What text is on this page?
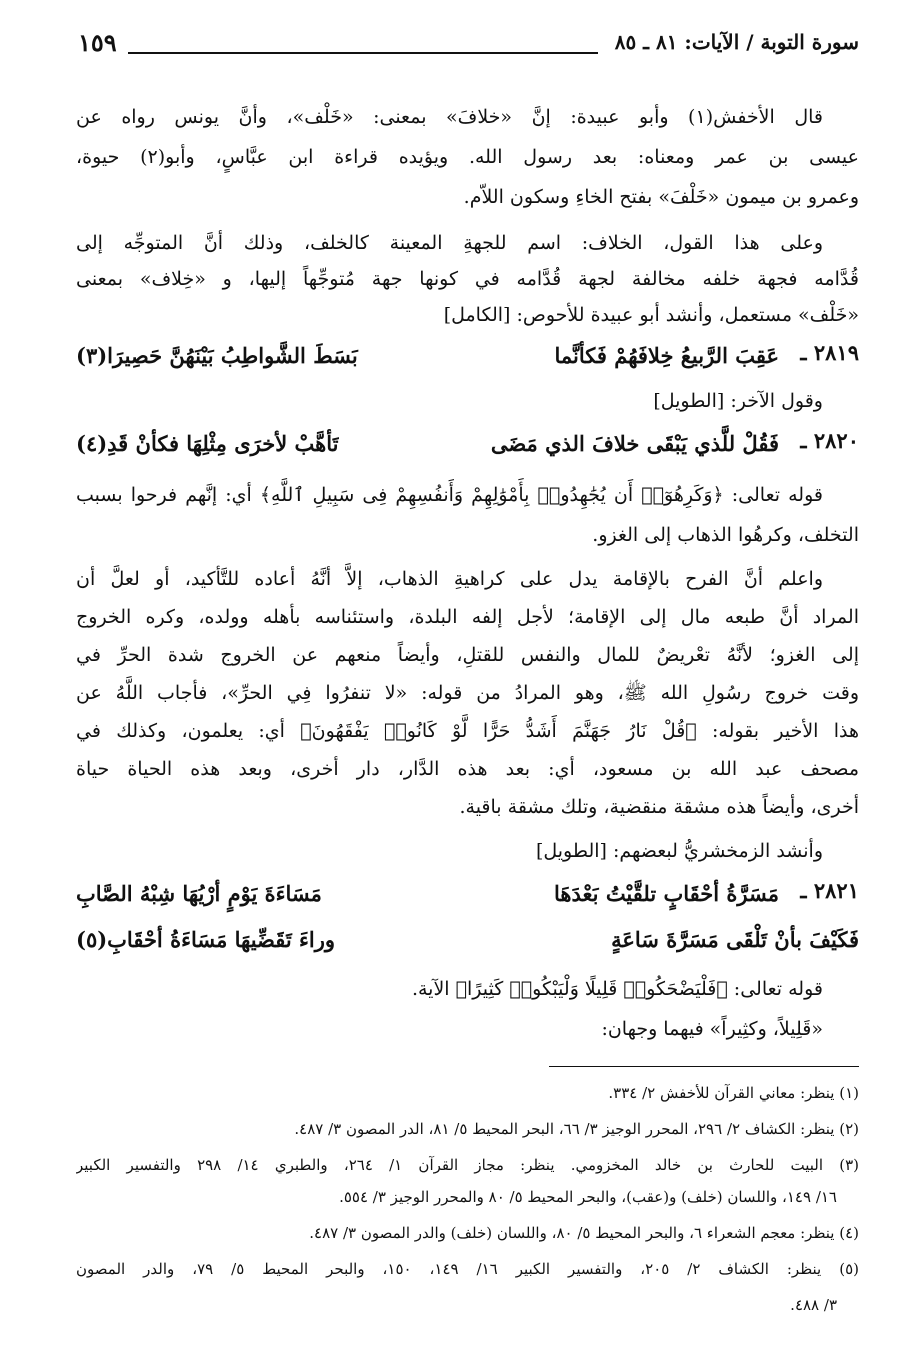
سورة التوبة / الآيات: ٨١ ـ ٨٥
١٥٩
قال الأخفش(١) وأبو عبيدة: إنَّ «خلافَ» بمعنى: «خَلْف»، وأنَّ يونس رواه عن
عيسى بن عمر ومعناه: بعد رسول الله. ويؤيده قراءة ابن عبَّاسٍ، وأبو(٢) حيوة،
وعمرو بن ميمون «خَلْفَ» بفتح الخاءِ وسكون اللاّم.
وعلى هذا القول، الخلاف: اسم للجهةِ المعينة كالخلف، وذلك أنَّ المتوجِّه إلى
قُدَّامه فجهة خلفه مخالفة لجهة قُدَّامه في كونها جهة مُتوجِّهاً إليها، و «خِلاف» بمعنى
«خَلْف» مستعمل، وأنشد أبو عبيدة للأحوص: [الكامل]
٢٨١٩ ـ
عَقِبَ الرَّبيعُ خِلافَهُمْ فَكأنَّما
بَسَطَ الشَّواطِبُ بَيْنَهُنَّ حَصِيرَا(٣)
وقول الآخر: [الطويل]
٢٨٢٠ ـ
فَقُلْ للَّذي يَبْقَى خلافَ الذي مَضَى
تَأهَّبْ لأخرَى مِثْلِهَا فكأنْ قَدِ(٤)
قوله تعالى: ﴿وَكَرِهُوٓا۟ أَن يُجَٰهِدُوا۟ بِأَمْوَٰلِهِمْ وَأَنفُسِهِمْ فِى سَبِيلِ ٱللَّهِ﴾ أي: إنَّهم فرحوا بسبب
التخلف، وكرهُوا الذهاب إلى الغزو.
واعلم أنَّ الفرح بالإقامة يدل على كراهيةِ الذهاب، إلاَّ أنَّهُ أعاده للتَّأكيد، أو لعلَّ أن
المراد أنَّ طبعه مال إلى الإقامة؛ لأجل إلفه البلدة، واستئناسه بأهله وولده، وكره الخروج
إلى الغزو؛ لأنَّهُ تعْريضٌ للمال والنفس للقتلِ، وأيضاً منعهم عن الخروج شدة الحرِّ في
وقت خروج رسُولِ الله ﷺ، وهو المرادُ من قوله: «لا تنفرُوا فِي الحرِّ»، فأجاب اللَّهُ عن
هذا الأخير بقوله: ﴿قُلْ نَارُ جَهَنَّمَ أَشَدُّ حَرًّا لَّوْ كَانُوا۟ يَفْقَهُونَ﴾ أي: يعلمون، وكذلك في
مصحف عبد الله بن مسعود، أي: بعد هذه الدَّار، دار أخرى، وبعد هذه الحياة حياة
أخرى، وأيضاً هذه مشقة منقضية، وتلك مشقة باقية.
وأنشد الزمخشريُّ لبعضهم: [الطويل]
٢٨٢١ ـ
مَسَرَّةُ أحْقَابٍ تلقَّيْتُ بَعْدَهَا
مَسَاءَةَ يَوْمٍ أرْيُهَا شِبْهُ الصَّابِ
فَكَيْفَ بأنْ تَلْقَى مَسَرَّةَ سَاعَةٍ
وراءَ تَقَضِّيهَا مَسَاءَةُ أحْقَابِ(٥)
قوله تعالى: ﴿فَلْيَضْحَكُوا۟ قَلِيلًا وَلْيَبْكُوا۟ كَثِيرًا﴾ الآية.
«قَلِيلاً، وكثِيراً» فيهما وجهان:
(١) ينظر: معاني القرآن للأخفش ٢/ ٣٣٤.
(٢) ينظر: الكشاف ٢/ ٢٩٦، المحرر الوجيز ٣/ ٦٦، البحر المحيط ٥/ ٨١، الدر المصون ٣/ ٤٨٧.
(٣) البيت للحارث بن خالد المخزومي. ينظر: مجاز القرآن ١/ ٢٦٤، والطبري ١٤/ ٢٩٨ والتفسير الكبير
١٦/ ١٤٩، واللسان (خلف) و(عقب)، والبحر المحيط ٥/ ٨٠ والمحرر الوجيز ٣/ ٥٥٤.
(٤) ينظر: معجم الشعراء ٦، والبحر المحيط ٥/ ٨٠، واللسان (خلف) والدر المصون ٣/ ٤٨٧.
(٥) ينظر: الكشاف ٢/ ٢٠٥، والتفسير الكبير ١٦/ ١٤٩، ١٥٠، والبحر المحيط ٥/ ٧٩، والدر المصون
٣/ ٤٨٨.
